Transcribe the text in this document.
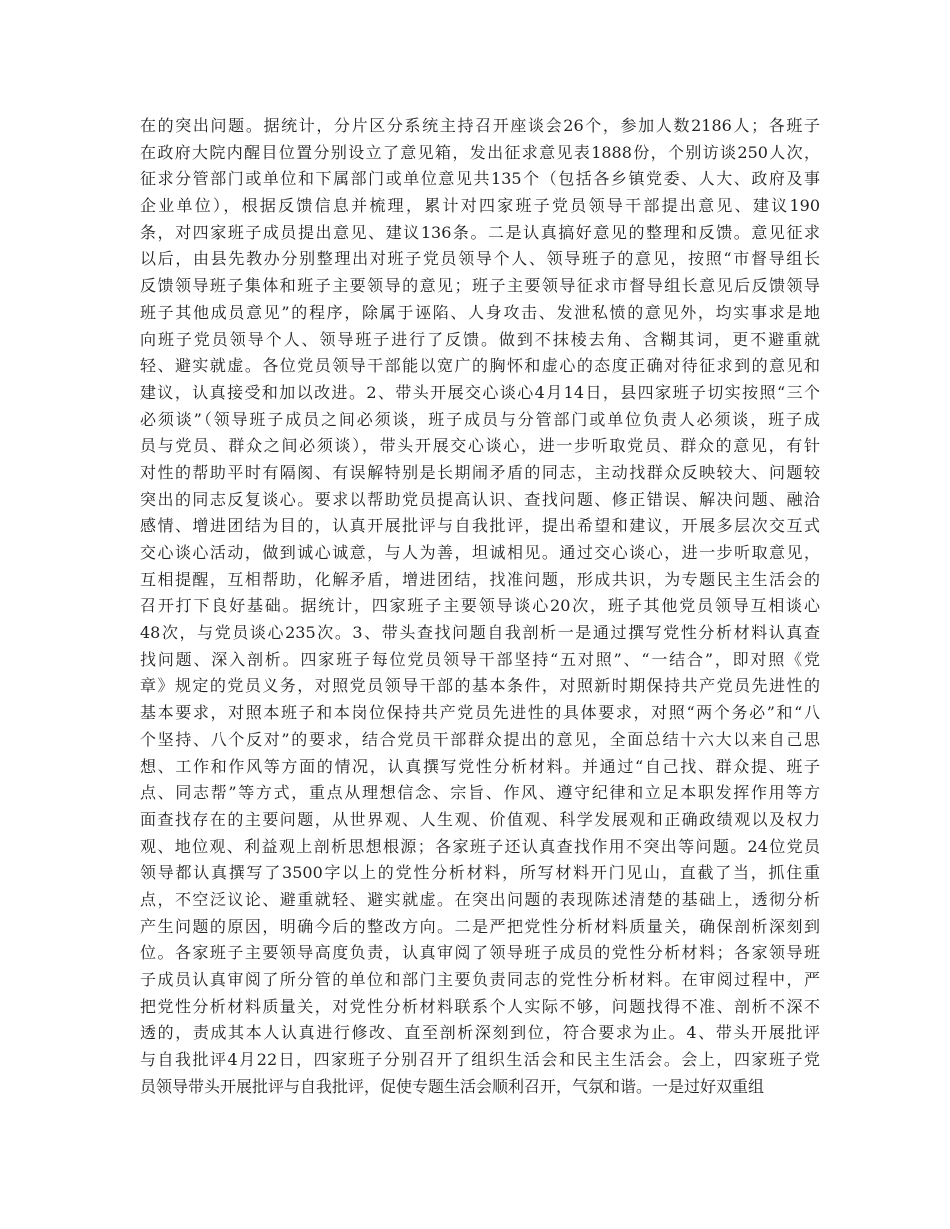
在的突出问题。据统计，分片区分系统主持召开座谈会26个，参加人数2186人；各班子
在政府大院内醒目位置分别设立了意见箱，发出征求意见表1888份，个别访谈250人次，
征求分管部门或单位和下属部门或单位意见共135个（包括各乡镇党委、人大、政府及事
企业单位），根据反馈信息并梳理，累计对四家班子党员领导干部提出意见、建议190
条，对四家班子成员提出意见、建议136条。二是认真搞好意见的整理和反馈。意见征求
以后，由县先教办分别整理出对班子党员领导个人、领导班子的意见，按照“市督导组长
反馈领导班子集体和班子主要领导的意见；班子主要领导征求市督导组长意见后反馈领导
班子其他成员意见”的程序，除属于诬陷、人身攻击、发泄私愤的意见外，均实事求是地
向班子党员领导个人、领导班子进行了反馈。做到不抹棱去角、含糊其词，更不避重就
轻、避实就虚。各位党员领导干部能以宽广的胸怀和虚心的态度正确对待征求到的意见和
建议，认真接受和加以改进。2、带头开展交心谈心4月14日，县四家班子切实按照“三个
必须谈”（领导班子成员之间必须谈，班子成员与分管部门或单位负责人必须谈，班子成
员与党员、群众之间必须谈），带头开展交心谈心，进一步听取党员、群众的意见，有针
对性的帮助平时有隔阂、有误解特别是长期闹矛盾的同志，主动找群众反映较大、问题较
突出的同志反复谈心。要求以帮助党员提高认识、查找问题、修正错误、解决问题、融洽
感情、增进团结为目的，认真开展批评与自我批评，提出希望和建议，开展多层次交互式
交心谈心活动，做到诚心诚意，与人为善，坦诚相见。通过交心谈心，进一步听取意见，
互相提醒，互相帮助，化解矛盾，增进团结，找准问题，形成共识，为专题民主生活会的
召开打下良好基础。据统计，四家班子主要领导谈心20次，班子其他党员领导互相谈心
48次，与党员谈心235次。3、带头查找问题自我剖析一是通过撰写党性分析材料认真查
找问题、深入剖析。四家班子每位党员领导干部坚持“五对照”、“一结合”，即对照《党
章》规定的党员义务，对照党员领导干部的基本条件，对照新时期保持共产党员先进性的
基本要求，对照本班子和本岗位保持共产党员先进性的具体要求，对照“两个务必”和“八
个坚持、八个反对”的要求，结合党员干部群众提出的意见，全面总结十六大以来自己思
想、工作和作风等方面的情况，认真撰写党性分析材料。并通过“自己找、群众提、班子
点、同志帮”等方式，重点从理想信念、宗旨、作风、遵守纪律和立足本职发挥作用等方
面查找存在的主要问题，从世界观、人生观、价值观、科学发展观和正确政绩观以及权力
观、地位观、利益观上剖析思想根源；各家班子还认真查找作用不突出等问题。24位党员
领导都认真撰写了3500字以上的党性分析材料，所写材料开门见山，直截了当，抓住重
点，不空泛议论、避重就轻、避实就虚。在突出问题的表现陈述清楚的基础上，透彻分析
产生问题的原因，明确今后的整改方向。二是严把党性分析材料质量关，确保剖析深刻到
位。各家班子主要领导高度负责，认真审阅了领导班子成员的党性分析材料；各家领导班
子成员认真审阅了所分管的单位和部门主要负责同志的党性分析材料。在审阅过程中，严
把党性分析材料质量关，对党性分析材料联系个人实际不够，问题找得不准、剖析不深不
透的，责成其本人认真进行修改、直至剖析深刻到位，符合要求为止。4、带头开展批评
与自我批评4月22日，四家班子分别召开了组织生活会和民主生活会。会上，四家班子党
员领导带头开展批评与自我批评，促使专题生活会顺利召开，气氛和谐。一是过好双重组
